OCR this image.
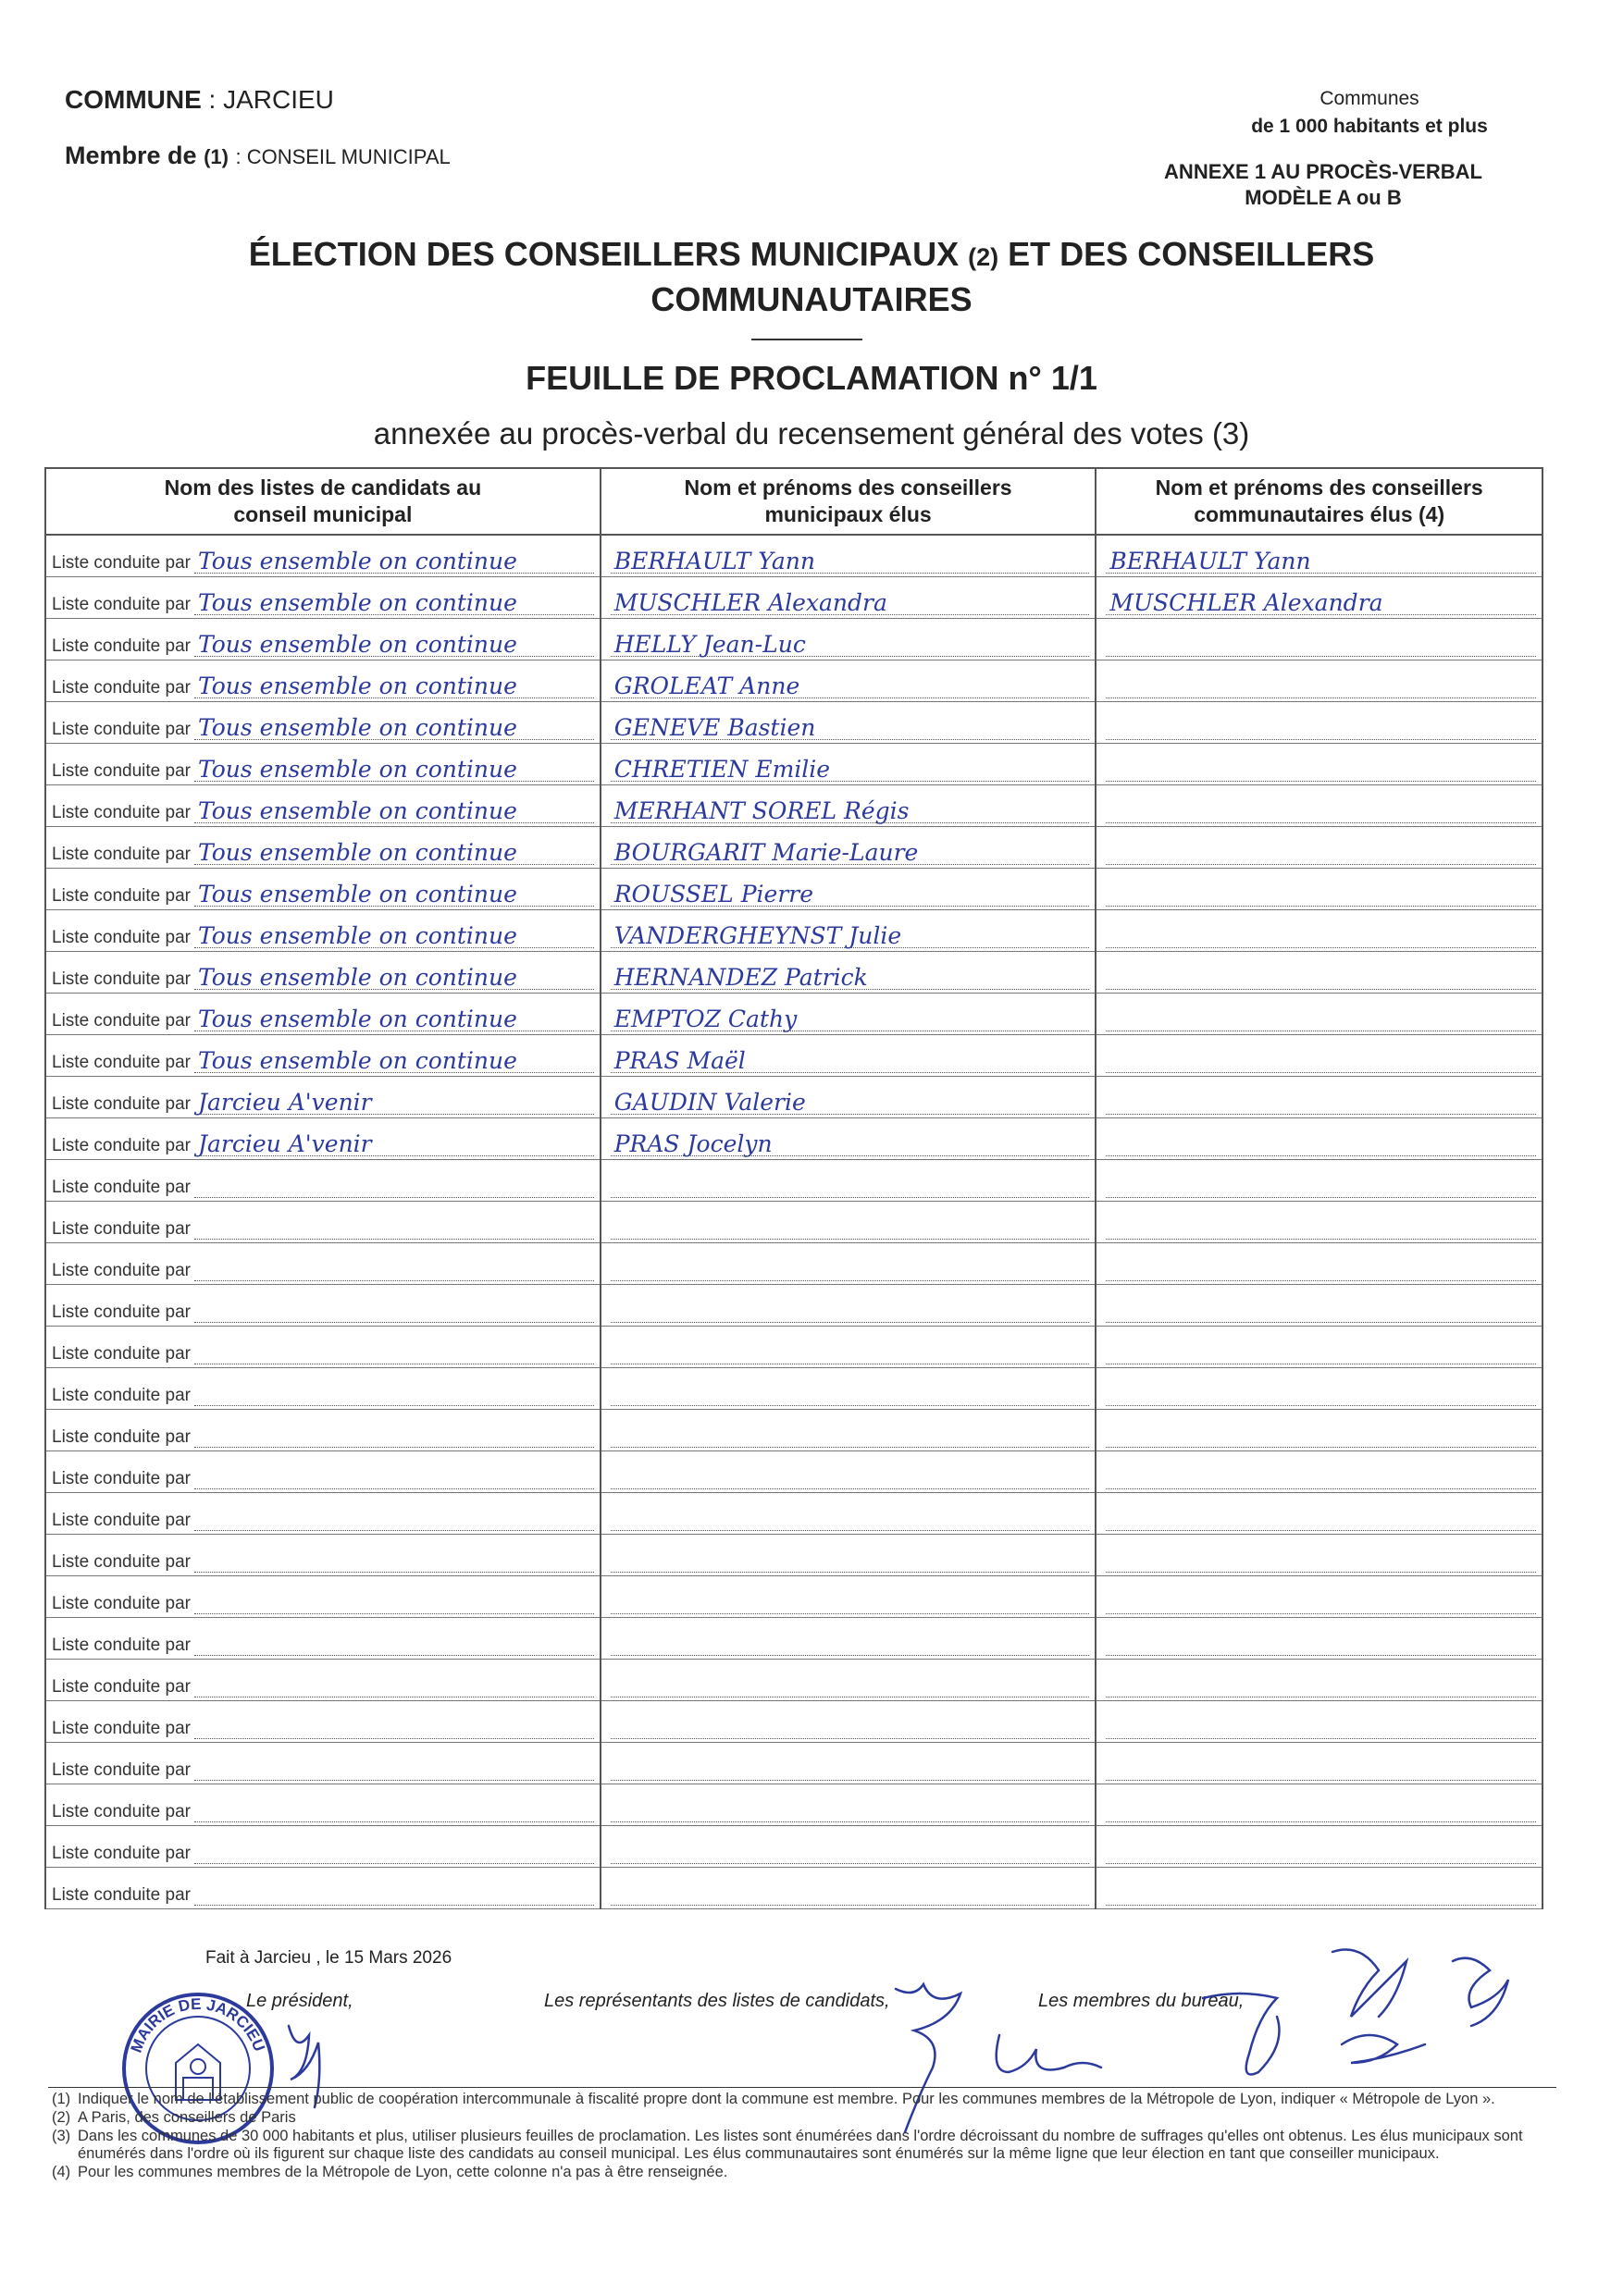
COMMUNE : JARCIEU
Membre de (1) : CONSEIL MUNICIPAL
Communes
de 1 000 habitants et plus
ANNEXE 1 AU PROCÈS-VERBAL
MODÈLE A ou B
ÉLECTION DES CONSEILLERS MUNICIPAUX (2) ET DES CONSEILLERS
COMMUNAUTAIRES
FEUILLE DE PROCLAMATION n° 1/1
annexée au procès-verbal du recensement général des votes (3)
Nom des listes de candidats au conseil municipal	Nom et prénoms des conseillers municipaux élus	Nom et prénoms des conseillers communautaires élus (4)

Liste conduite par Tous ensemble on continue	BERHAULT Yann	BERHAULT Yann

Liste conduite par Tous ensemble on continue	MUSCHLER Alexandra	MUSCHLER Alexandra

Liste conduite par Tous ensemble on continue	HELLY Jean-Luc	

Liste conduite par Tous ensemble on continue	GROLEAT Anne	

Liste conduite par Tous ensemble on continue	GENEVE Bastien	

Liste conduite par Tous ensemble on continue	CHRETIEN Emilie	

Liste conduite par Tous ensemble on continue	MERHANT SOREL Régis	

Liste conduite par Tous ensemble on continue	BOURGARIT Marie-Laure	

Liste conduite par Tous ensemble on continue	ROUSSEL Pierre	

Liste conduite par Tous ensemble on continue	VANDERGHEYNST Julie	

Liste conduite par Tous ensemble on continue	HERNANDEZ Patrick	

Liste conduite par Tous ensemble on continue	EMPTOZ Cathy	

Liste conduite par Tous ensemble on continue	PRAS Maël	

Liste conduite par Jarcieu A'venir	GAUDIN Valerie	

Liste conduite par Jarcieu A'venir	PRAS Jocelyn	

Liste conduite par		

Liste conduite par		

Liste conduite par		

Liste conduite par		

Liste conduite par		

Liste conduite par		

Liste conduite par		

Liste conduite par		

Liste conduite par		

Liste conduite par		

Liste conduite par		

Liste conduite par		

Liste conduite par		

Liste conduite par		

Liste conduite par		

Liste conduite par		

Liste conduite par		

Liste conduite par		

Fait à Jarcieu , le 15 Mars 2026
MAIRIE DE JARCIEU
Le président,	Les représentants des listes de candidats,	Les membres du bureau,
(1) Indiquer le nom de l'établissement public de coopération intercommunale à fiscalité propre dont la commune est membre. Pour les communes membres de la Métropole de Lyon, indiquer « Métropole de Lyon ».
(2) A Paris, des conseillers de Paris
(3) Dans les communes de 30 000 habitants et plus, utiliser plusieurs feuilles de proclamation. Les listes sont énumérées dans l'ordre décroissant du nombre de suffrages qu'elles ont obtenus. Les élus municipaux sont énumérés dans l'ordre où ils figurent sur chaque liste des candidats au conseil municipal. Les élus communautaires sont énumérés sur la même ligne que leur élection en tant que conseiller municipaux.
(4) Pour les communes membres de la Métropole de Lyon, cette colonne n'a pas à être renseignée.
